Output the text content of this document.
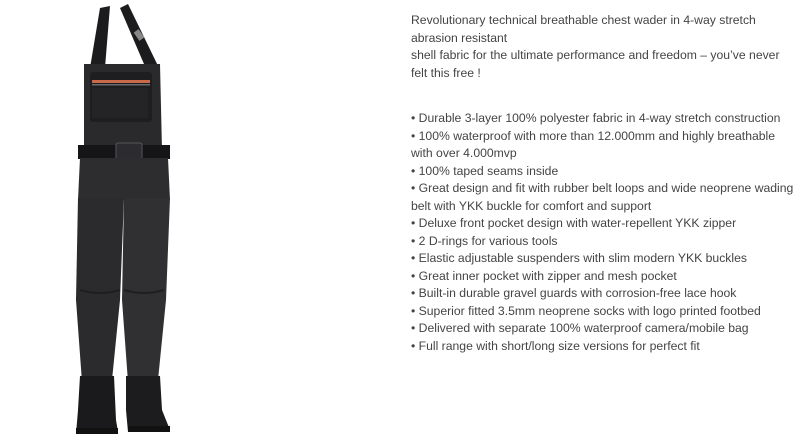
Revolutionary technical breathable chest wader in 4-way stretch abrasion resistant

shell fabric for the ultimate performance and freedom – you’ve never felt this free !

• Durable 3-layer 100% polyester fabric in 4-way stretch construction

• 100% waterproof with more than 12.000mm and highly breathable with over 4.000mvp

• 100% taped seams inside

• Great design and fit with rubber belt loops and wide neoprene wading belt with YKK buckle for comfort and support

• Deluxe front pocket design with water-repellent YKK zipper

• 2 D-rings for various tools

• Elastic adjustable suspenders with slim modern YKK buckles

• Great inner pocket with zipper and mesh pocket

• Built-in durable gravel guards with corrosion-free lace hook

• Superior fitted 3.5mm neoprene socks with logo printed footbed

• Delivered with separate 100% waterproof camera/mobile bag

• Full range with short/long size versions for perfect fit
